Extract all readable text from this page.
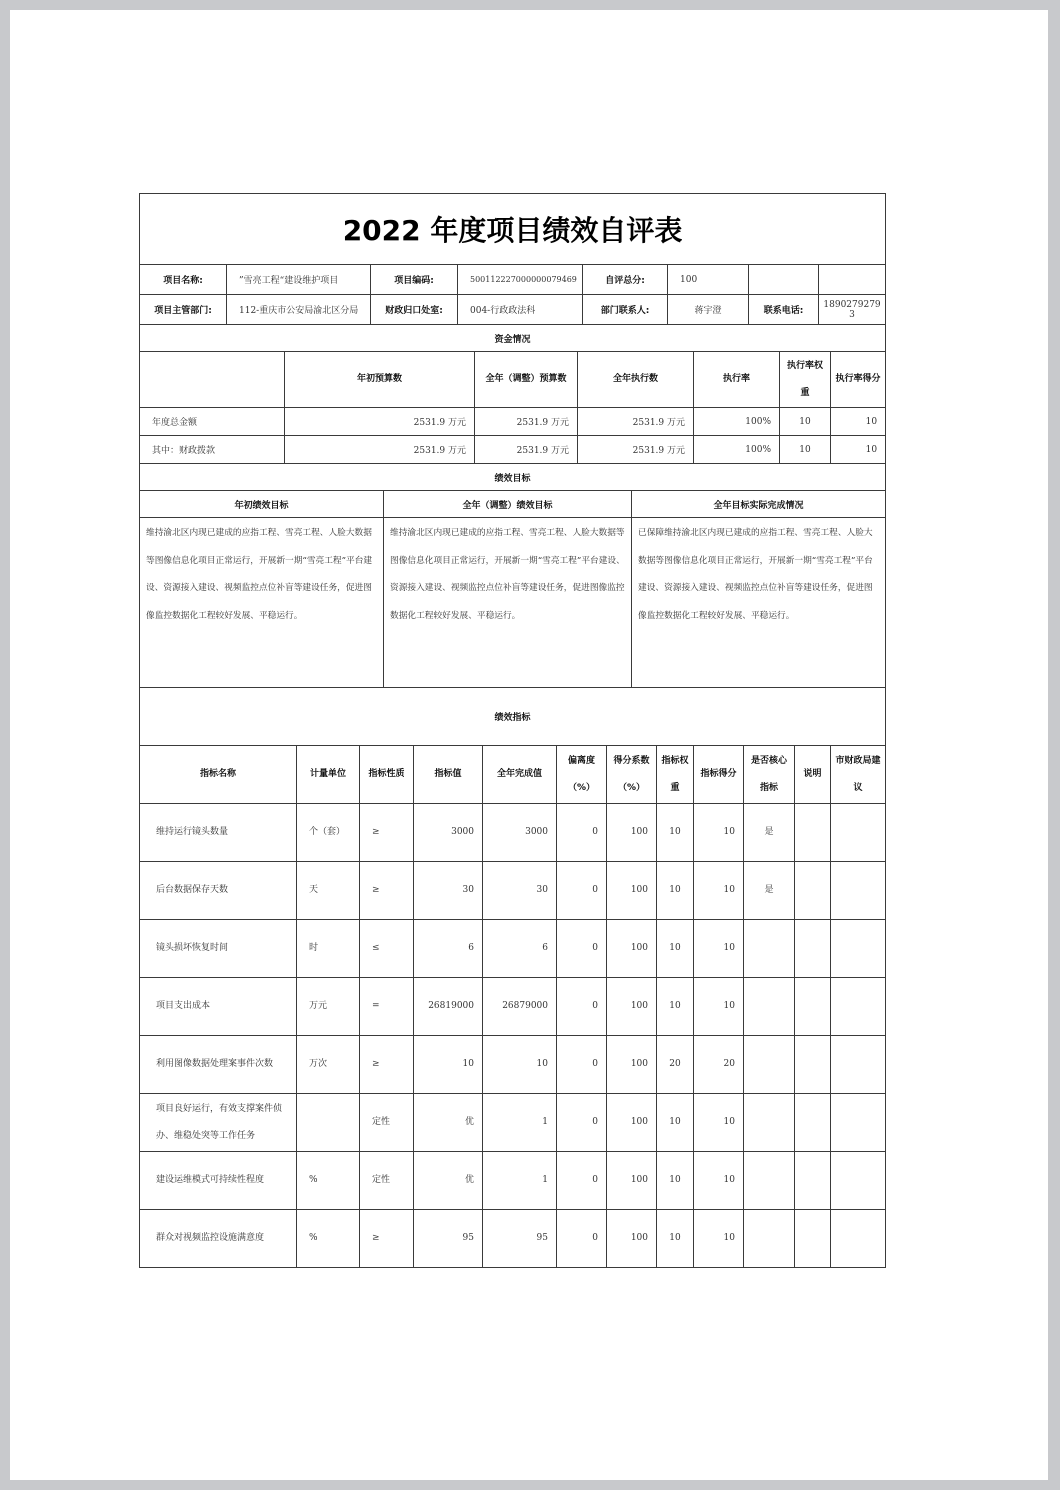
2022 年度项目绩效自评表							
项目名称:	”雪亮工程“建设维护项目	项目编码:	500112227000000079469	自评总分:	100		
项目主管部门:	112-重庆市公安局渝北区分局	财政归口处室:	004-行政政法科	部门联系人:	蒋宇澄	联系电话:	18902792793
资金情况						
	年初预算数	全年（调整）预算数	全年执行数	执行率	执行率权重	执行率得分
年度总金额	2531.9 万元	2531.9 万元	2531.9 万元	100%	10	10
其中：财政拨款	2531.9 万元	2531.9 万元	2531.9 万元	100%	10	10
绩效目标		
年初绩效目标	全年（调整）绩效目标	全年目标实际完成情况
维持渝北区内现已建成的应指工程、雪亮工程、人脸大数据等图像信息化项目正常运行，开展新一期“雪亮工程”平台建设、资源接入建设、视频监控点位补盲等建设任务，促进图像监控数据化工程较好发展、平稳运行。	维持渝北区内现已建成的应指工程、雪亮工程、人脸大数据等图像信息化项目正常运行，开展新一期“雪亮工程”平台建设、资源接入建设、视频监控点位补盲等建设任务，促进图像监控数据化工程较好发展、平稳运行。	已保障维持渝北区内现已建成的应指工程、雪亮工程、人脸大数据等图像信息化项目正常运行，开展新一期“雪亮工程”平台建设、资源接入建设、视频监控点位补盲等建设任务，促进图像监控数据化工程较好发展、平稳运行。
绩效指标											
指标名称	计量单位	指标性质	指标值	全年完成值	偏离度（%）	得分系数（%）	指标权重	指标得分	是否核心指标	说明	市财政局建议
维持运行镜头数量	个（套）	≥	3000	3000	0	100	10	10	是		
后台数据保存天数	天	≥	30	30	0	100	10	10	是		
镜头损坏恢复时间	时	≤	6	6	0	100	10	10			
项目支出成本	万元	=	26819000	26879000	0	100	10	10			
利用图像数据处理案事件次数	万次	≥	10	10	0	100	20	20			
项目良好运行，有效支撑案件侦办、维稳处突等工作任务		定性	优	1	0	100	10	10			
建设运维模式可持续性程度	%	定性	优	1	0	100	10	10			
群众对视频监控设施满意度	%	≥	95	95	0	100	10	10			
